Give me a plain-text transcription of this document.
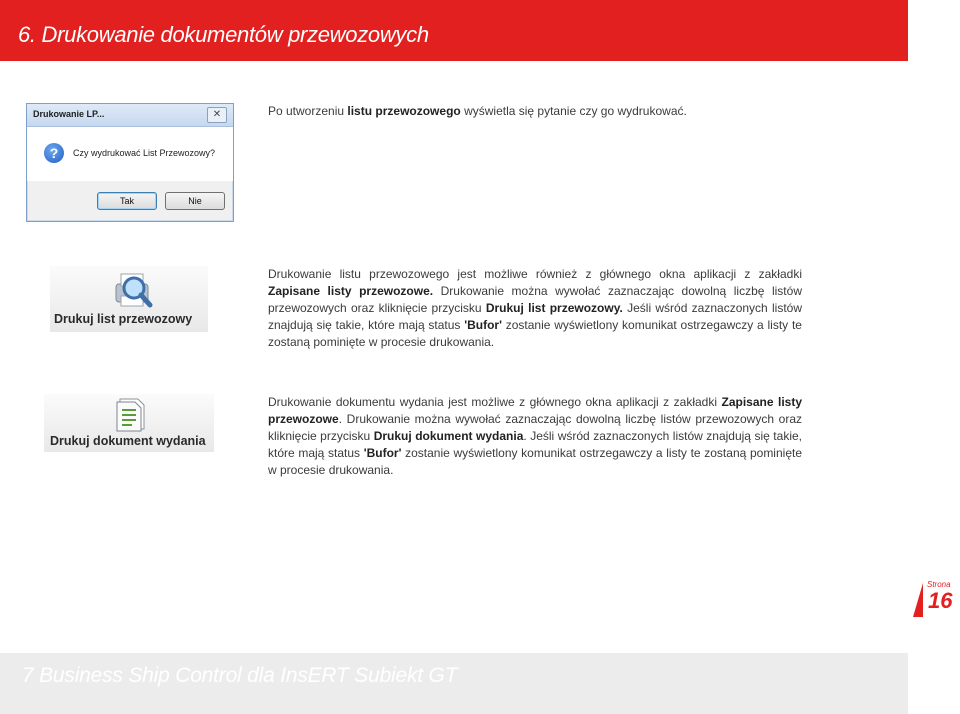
6. Drukowanie dokumentów przewozowych
Drukowanie LP...	✕
?	Czy wydrukować List Przewozowy?
Tak	Nie
Po utworzeniu listu przewozowego wyświetla się pytanie czy go wydrukować.
Drukuj list przewozowy
Drukowanie listu przewozowego jest możliwe również z głównego okna aplikacji z zakładki Zapisane listy przewozowe. Drukowanie można wywołać zaznaczając dowolną liczbę listów przewozowych oraz kliknięcie przycisku Drukuj list przewozowy. Jeśli wśród zaznaczonych listów znajdują się takie, które mają status 'Bufor' zostanie wyświetlony komunikat ostrzegawczy a listy te zostaną pominięte w procesie drukowania.
Drukuj dokument wydania
Drukowanie dokumentu wydania jest możliwe z głównego okna aplikacji z zakładki Zapisane listy przewozowe. Drukowanie można wywołać zaznaczając dowolną liczbę listów przewozowych oraz kliknięcie przycisku Drukuj dokument wydania. Jeśli wśród zaznaczonych listów znajdują się takie, które mają status 'Bufor' zostanie wyświetlony komunikat ostrzegawczy a listy te zostaną pominięte w procesie drukowania.
Strona
16
7 Business Ship Control dla InsERT Subiekt GT
